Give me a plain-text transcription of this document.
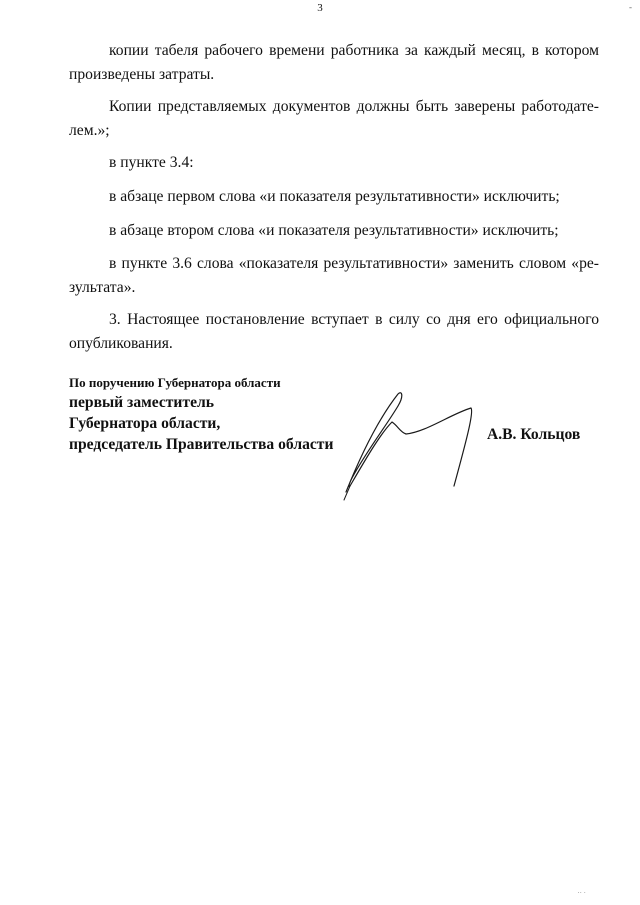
3	-

копии табеля рабочего времени работника за каждый месяц, в котором произведены затраты.

Копии представляемых документов должны быть заверены работодате-лем.»;

в пункте 3.4:

в абзаце первом слова «и показателя результативности» исключить;

в абзаце втором слова «и показателя результативности» исключить;

в пункте 3.6 слова «показателя результативности» заменить словом «ре-зультата».

3. Настоящее постановление вступает в силу со дня его официального опубликования.

По поручению Губернатора области
первый заместитель
Губернатора области,
председатель Правительства области
А.В. Кольцов
·· ·
